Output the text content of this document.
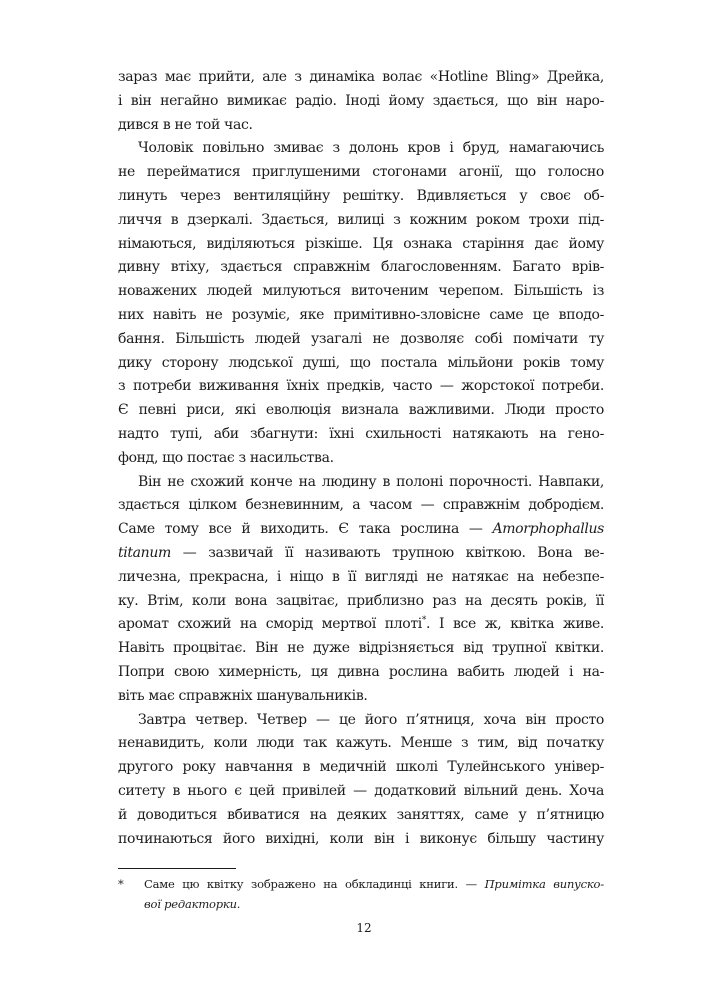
зараз має прийти, але з динаміка волає «Hotline Bling» Дрейка,
і він негайно вимикає радіо. Іноді йому здається, що він наро-
дився в не той час.
Чоловік повільно змиває з долонь кров і бруд, намагаючись
не перейматися приглушеними стогонами агонії, що голосно
линуть через вентиляційну решітку. Вдивляється у своє об-
личчя в дзеркалі. Здається, вилиці з кожним роком трохи під-
німаються, виділяються різкіше. Ця ознака старіння дає йому
дивну втіху, здається справжнім благословенням. Багато врів-
новажених людей милуються виточеним черепом. Більшість із
них навіть не розуміє, яке примітивно-зловісне саме це вподо-
бання. Більшість людей узагалі не дозволяє собі помічати ту
дику сторону людської душі, що постала мільйони років тому
з потреби виживання їхніх предків, часто — жорстокої потреби.
Є певні риси, які еволюція визнала важливими. Люди просто
надто тупі, аби збагнути: їхні схильності натякають на гено-
фонд, що постає з насильства.
Він не схожий конче на людину в полоні порочності. Навпаки,
здається цілком безневинним, а часом — справжнім добродієм.
Саме тому все й виходить. Є така рослина — Amorphophallus
titanum — зазвичай її називають трупною квіткою. Вона ве-
личезна, прекрасна, і ніщо в її вигляді не натякає на небезпе-
ку. Втім, коли вона зацвітає, приблизно раз на десять років, її
аромат схожий на сморід мертвої плоті*. І все ж, квітка живе.
Навіть процвітає. Він не дуже відрізняється від трупної квітки.
Попри свою химерність, ця дивна рослина вабить людей і на-
віть має справжніх шанувальників.
Завтра четвер. Четвер — це його п’ятниця, хоча він просто
ненавидить, коли люди так кажуть. Менше з тим, від початку
другого року навчання в медичній школі Тулейнського універ-
ситету в нього є цей привілей — додатковий вільний день. Хоча
й доводиться вбиватися на деяких заняттях, саме у п’ятницю
починаються його вихідні, коли він і виконує більшу частину
* Саме цю квітку зображено на обкладинці книги. — Примітка випуско-
вої редакторки.
12
